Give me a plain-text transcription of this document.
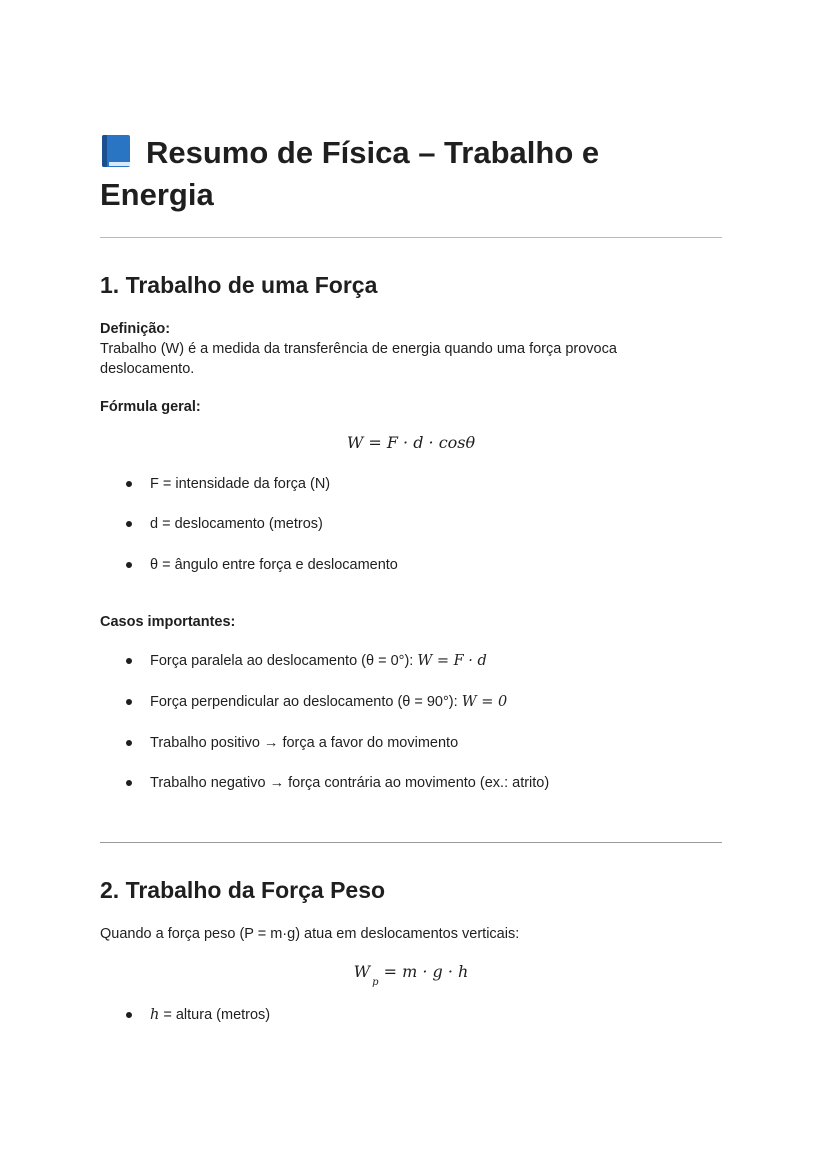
Resumo de Física – Trabalho e
Energia
1. Trabalho de uma Força
Definição:
Trabalho (W) é a medida da transferência de energia quando uma força provoca deslocamento.
Fórmula geral:
W = F · d · cosθ
F = intensidade da força (N)
d = deslocamento (metros)
θ = ângulo entre força e deslocamento
Casos importantes:
Força paralela ao deslocamento (θ = 0°): W = F · d
Força perpendicular ao deslocamento (θ = 90°): W = 0
Trabalho positivo → força a favor do movimento
Trabalho negativo → força contrária ao movimento (ex.: atrito)
2. Trabalho da Força Peso
Quando a força peso (P = m·g) atua em deslocamentos verticais:
$W_p = m \cdot g \cdot h$
h = altura (metros)
